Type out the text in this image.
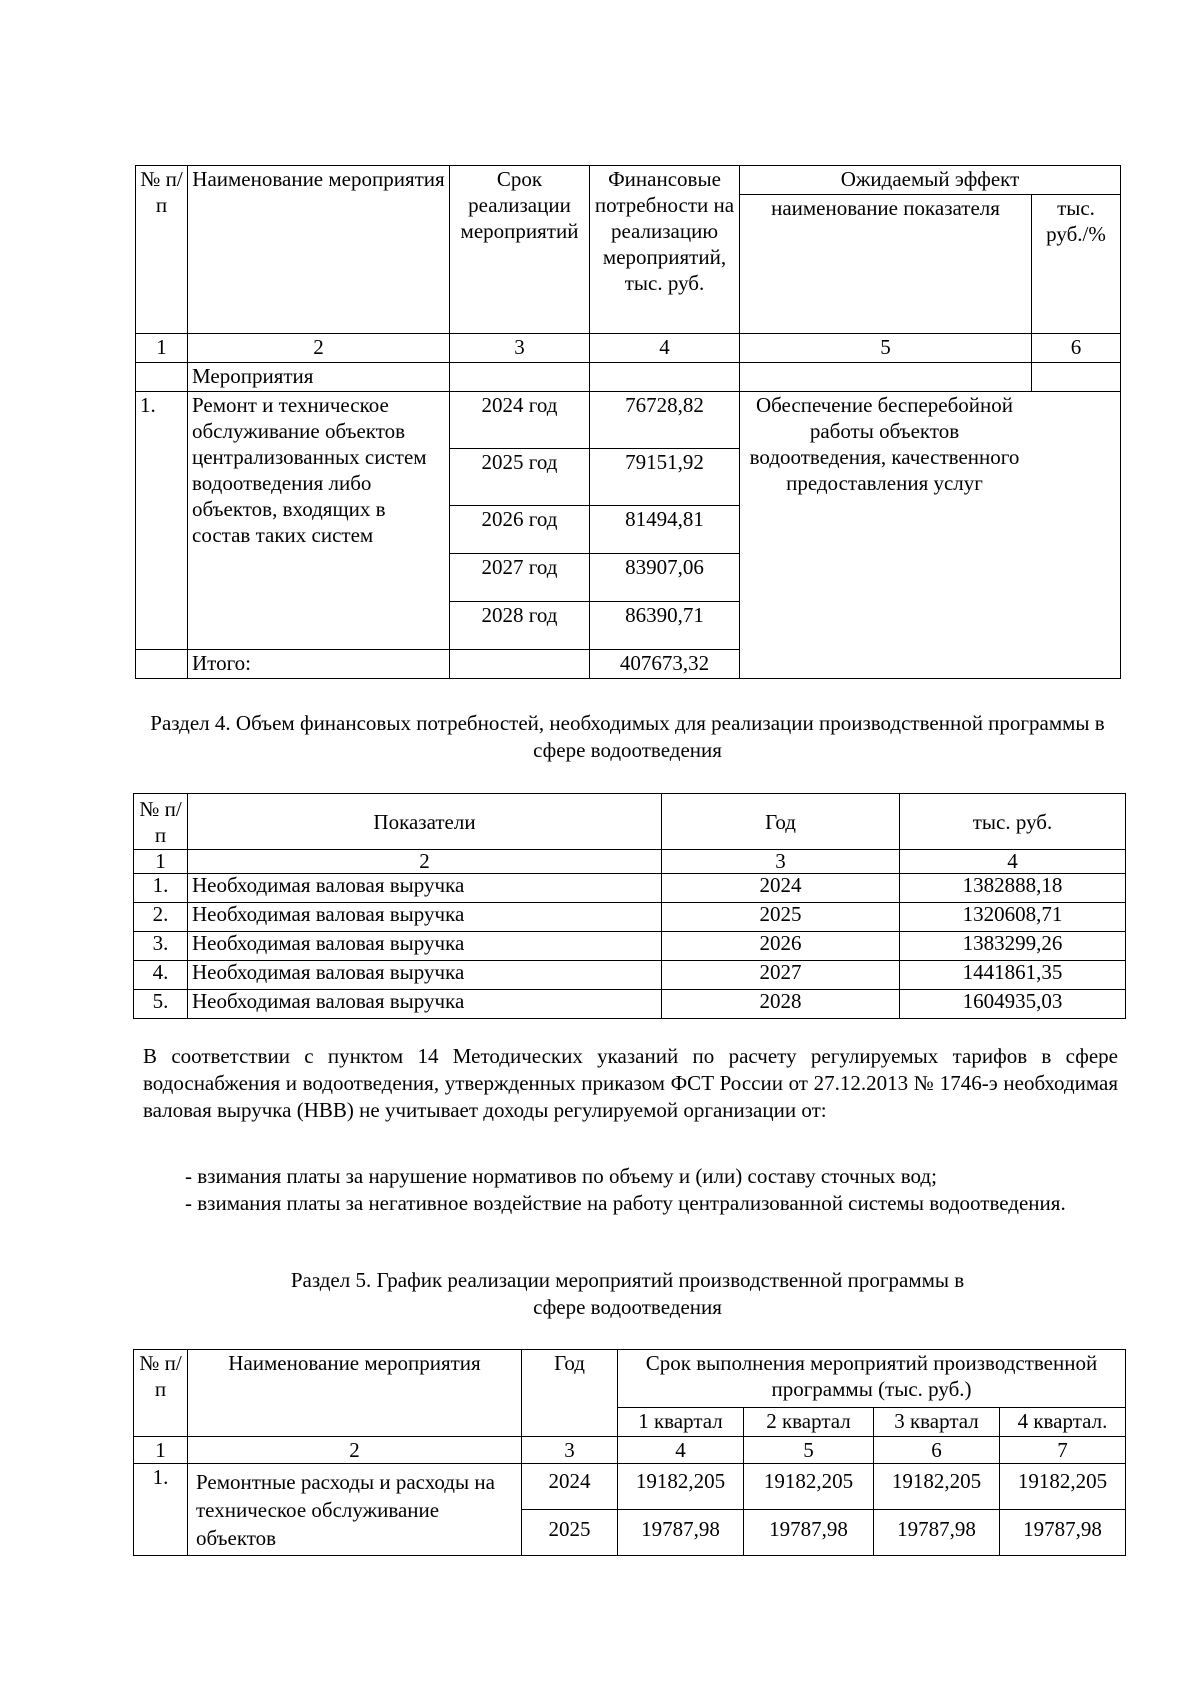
№ п/п	Наименование мероприятия	Срок реализации мероприятий	Финансовые потребности на реализацию мероприятий, тыс. руб.	Ожидаемый эффект	
				наименование показателя	тыс. руб./%
1	2	3	4	5	6
	Мероприятия				
1.	Ремонт и техническое обслуживание объектов централизованных систем водоотведения либо объектов, входящих в состав таких систем	2024 год	76728,82	Обеспечение бесперебойной работы объектов водоотведения, качественного предоставления услуг	
		2025 год	79151,92		
		2026 год	81494,81		
		2027 год	83907,06		
		2028 год	86390,71		
	Итого:		407673,32		
Раздел 4. Объем финансовых потребностей, необходимых для реализации производственной программы в сфере водоотведения
№ п/п	Показатели	Год	тыс. руб.
1	2	3	4
1.	Необходимая валовая выручка	2024	1382888,18
2.	Необходимая валовая выручка	2025	1320608,71
3.	Необходимая валовая выручка	2026	1383299,26
4.	Необходимая валовая выручка	2027	1441861,35
5.	Необходимая валовая выручка	2028	1604935,03
В соответствии с пунктом 14 Методических указаний по расчету регулируемых тарифов в сфере водоснабжения и водоотведения, утвержденных приказом ФСТ России от 27.12.2013 № 1746-э необходимая валовая выручка (НВВ) не учитывает доходы регулируемой организации от:
- взимания платы за нарушение нормативов по объему и (или) составу сточных вод;
- взимания платы за негативное воздействие на работу централизованной системы водоотведения.
Раздел 5. График реализации мероприятий производственной программы в сфере водоотведения
№ п/п	Наименование мероприятия	Год	Срок выполнения мероприятий производственной программы (тыс. руб.)			
			1 квартал	2 квартал	3 квартал	4 квартал.
1	2	3	4	5	6	7
1.	Ремонтные расходы и расходы на техническое обслуживание объектов	2024	19182,205	19182,205	19182,205	19182,205
		2025	19787,98	19787,98	19787,98	19787,98
